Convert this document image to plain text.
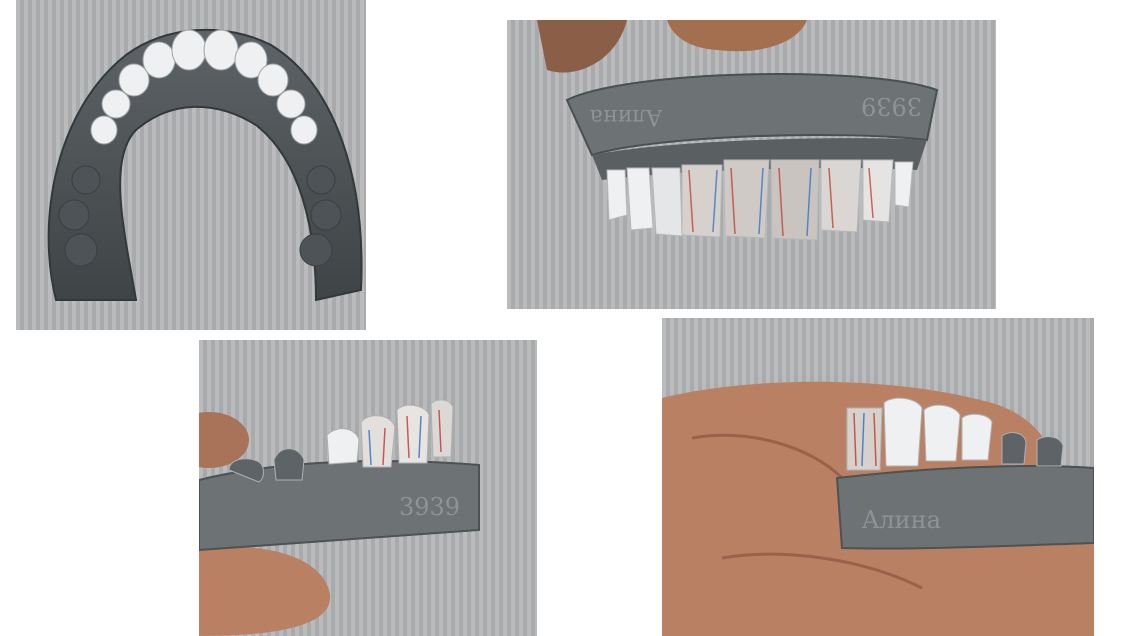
Aлина	3939
3939	Aлина
